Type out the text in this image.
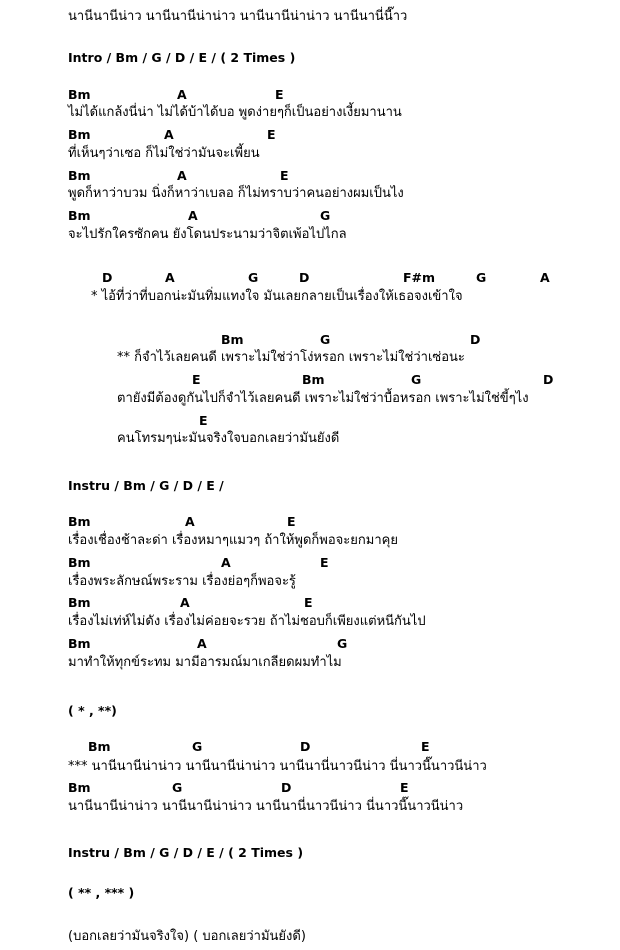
นานีนานีน่าว นานีนานีน่าน่าว นานีนานีน่าน่าว นานีนานี่นี๊าว
Intro / Bm / G / D / E / ( 2 Times )
Bm	A	E
ไม่ได้แกล้งนี่น่า ไม่ได้บ้าได้บอ พูดง่ายๆก็เป็นอย่างเงี้ยมานาน
Bm	A	E
ที่เห็นๆว่าเซอ ก็ไม่ใช่ว่ามันจะเพี้ยน
Bm	A	E
พูดก็หาว่าบวม นิ่งก็หาว่าเบลอ ก็ไม่ทราบว่าคนอย่างผมเป็นไง
Bm	A	G
จะไปรักใครซักคน ยังโดนประนามว่าจิตเพ้อไปไกล
D	A	G	D	F#m	G	A
* ไอ้ที่ว่าที่บอกน่ะมันทิ่มแทงใจ มันเลยกลายเป็นเรื่องให้เธอจงเข้าใจ
Bm	G	D
** ก็จำไว้เลยคนดี เพราะไม่ใช่ว่าโง่หรอก เพราะไม่ใช่ว่าเซ่อนะ
E	Bm	G	D
ตายังมีต้องดูกันไปก็จำไว้เลยคนดี เพราะไม่ใช่ว่าบื้อหรอก เพราะไม่ใช่ขี้ๆไง
E
คนโทรมๆน่ะมันจริงใจบอกเลยว่ามันยังดี
Instru / Bm / G / D / E /
Bm	A	E
เรื่องเชื่องช้าละด่า เรื่องหมาๆแมวๆ ถ้าให้พูดก็พอจะยกมาคุย
Bm	A	E
เรื่องพระลักษณ์พระราม เรื่องย่อๆก็พอจะรู้
Bm	A	E
เรื่องไม่เท่ห์ไม่ดัง เรื่องไม่ค่อยจะรวย ถ้าไม่ชอบก็เพียงแต่หนีกันไป
Bm	A	G
มาทำให้ทุกข์ระทม มามีอารมณ์มาเกลียดผมทำไม
( * , **)
Bm	G	D	E
*** นานีนานีน่าน่าว นานีนานีน่าน่าว นานีนานี่นาวนีน่าว นี่นาวนี๊นาวนีน่าว
Bm	G	D	E
นานีนานีน่าน่าว นานีนานีน่าน่าว นานีนานี่นาวนีน่าว นี่นาวนี๊นาวนีน่าว
Instru / Bm / G / D / E / ( 2 Times )
( ** , *** )
(บอกเลยว่ามันจริงใจ) ( บอกเลยว่ามันยังดี)
